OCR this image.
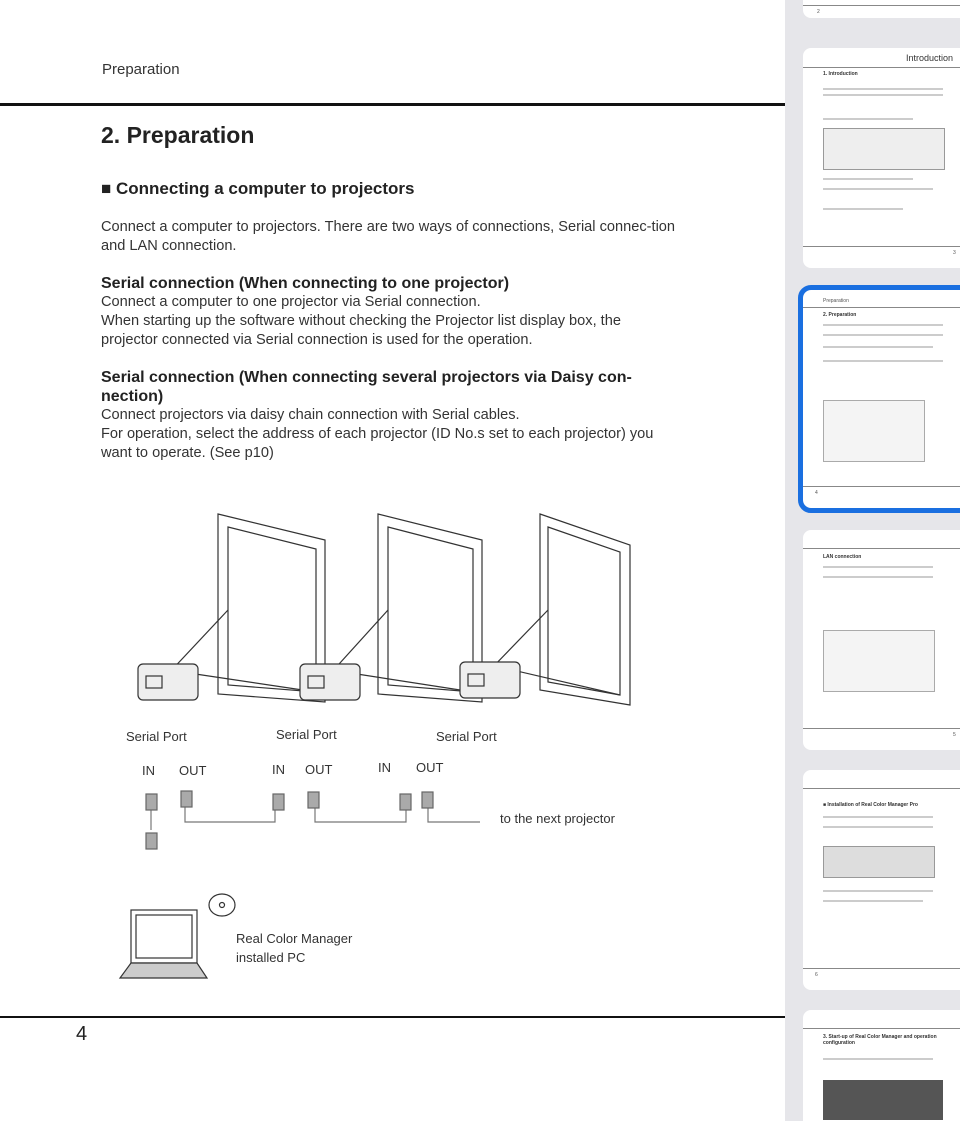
Preparation
2. Preparation
■ Connecting a computer to projectors
Connect a computer to projectors. There are two ways of connections, Serial connec-tion and LAN connection.
Serial connection (When connecting to one projector)
Connect a computer to one projector via Serial connection.
When starting up the software without checking the Projector list display box, the projector connected via Serial connection is used for the operation.
Serial connection (When connecting several projectors via Daisy con-nection)
Connect projectors via daisy chain connection with Serial cables.
For operation, select the address of each projector (ID No.s set to each projector) you want to operate. (See p10)
Serial Port	Serial Port	Serial Port
IN OUT	IN OUT	IN OUT
to the next projector
Real Color Manager
installed PC
4
2
Introduction
1. Introduction
3
Preparation
2. Preparation
4
LAN connection
5
■ Installation of Real Color Manager Pro
6
3. Start-up of Real Color Manager and operation configuration
